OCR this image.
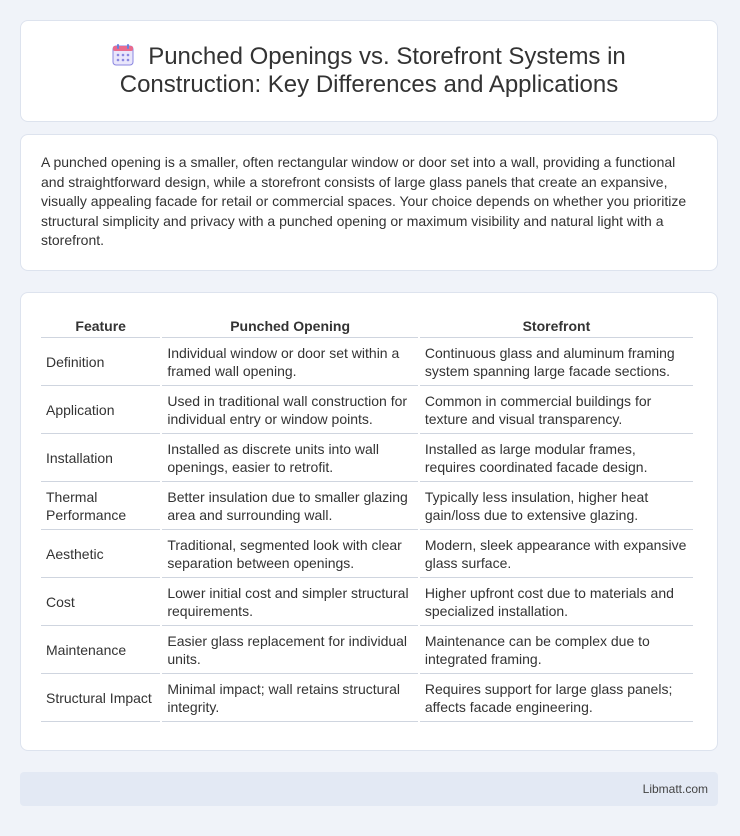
Punched Openings vs. Storefront Systems in
Construction: Key Differences and Applications

A punched opening is a smaller, often rectangular window or door set into a wall, providing a functional and straightforward design, while a storefront consists of large glass panels that create an expansive, visually appealing facade for retail or commercial spaces. Your choice depends on whether you prioritize structural simplicity and privacy with a punched opening or maximum visibility and natural light with a storefront.

Feature	Punched Opening	Storefront
Definition	Individual window or door set within a framed wall opening.	Continuous glass and aluminum framing system spanning large facade sections.
Application	Used in traditional wall construction for individual entry or window points.	Common in commercial buildings for texture and visual transparency.
Installation	Installed as discrete units into wall openings, easier to retrofit.	Installed as large modular frames, requires coordinated facade design.
Thermal Performance	Better insulation due to smaller glazing area and surrounding wall.	Typically less insulation, higher heat gain/loss due to extensive glazing.
Aesthetic	Traditional, segmented look with clear separation between openings.	Modern, sleek appearance with expansive glass surface.
Cost	Lower initial cost and simpler structural requirements.	Higher upfront cost due to materials and specialized installation.
Maintenance	Easier glass replacement for individual units.	Maintenance can be complex due to integrated framing.
Structural Impact	Minimal impact; wall retains structural integrity.	Requires support for large glass panels; affects facade engineering.
Libmatt.com
